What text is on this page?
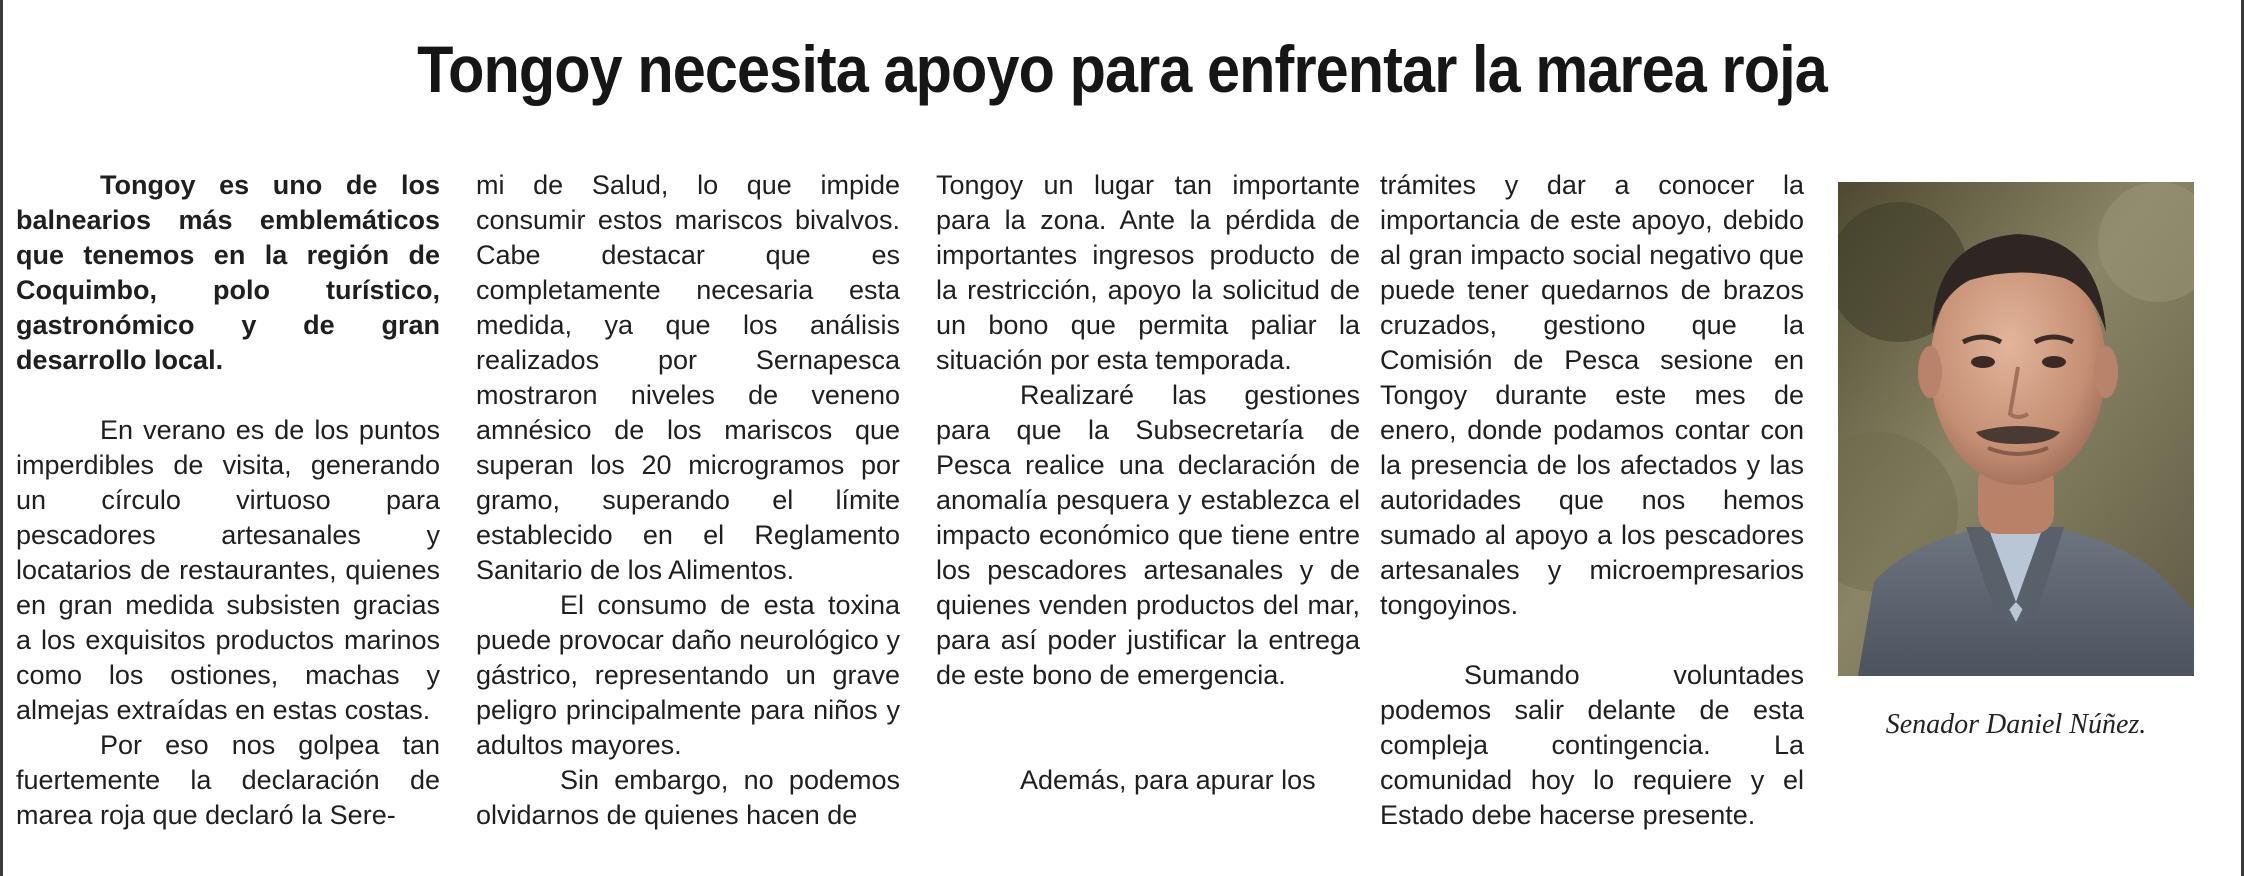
Tongoy necesita apoyo para enfrentar la marea roja

Tongoy es uno de los balnearios más emblemáticos que tenemos en la región de Coquimbo, polo turístico, gastronómico y de gran desarrollo local.

En verano es de los puntos imperdibles de visita, generando un círculo virtuoso para pescadores artesanales y locatarios de restaurantes, quienes en gran medida subsisten gracias a los exquisitos productos marinos como los ostiones, machas y almejas extraídas en estas costas.

Por eso nos golpea tan fuertemente la declaración de marea roja que declaró la Sere-

mi de Salud, lo que impide consumir estos mariscos bivalvos. Cabe destacar que es completamente necesaria esta medida, ya que los análisis realizados por Sernapesca mostraron niveles de veneno amnésico de los mariscos que superan los 20 microgramos por gramo, superando el límite establecido en el Reglamento Sanitario de los Alimentos.

El consumo de esta toxina puede provocar daño neurológico y gástrico, representando un grave peligro principalmente para niños y adultos mayores.

Sin embargo, no podemos olvidarnos de quienes hacen de

Tongoy un lugar tan importante para la zona. Ante la pérdida de importantes ingresos producto de la restricción, apoyo la solicitud de un bono que permita paliar la situación por esta temporada.

Realizaré las gestiones para que la Subsecretaría de Pesca realice una declaración de anomalía pesquera y establezca el impacto económico que tiene entre los pescadores artesanales y de quienes venden productos del mar, para así poder justificar la entrega de este bono de emergencia.

Además, para apurar los

trámites y dar a conocer la importancia de este apoyo, debido al gran impacto social negativo que puede tener quedarnos de brazos cruzados, gestiono que la Comisión de Pesca sesione en Tongoy durante este mes de enero, donde podamos contar con la presencia de los afectados y las autoridades que nos hemos sumado al apoyo a los pescadores artesanales y microempresarios tongoyinos.

Sumando voluntades podemos salir delante de esta compleja contingencia. La comunidad hoy lo requiere y el Estado debe hacerse presente.

Senador Daniel Núñez.
